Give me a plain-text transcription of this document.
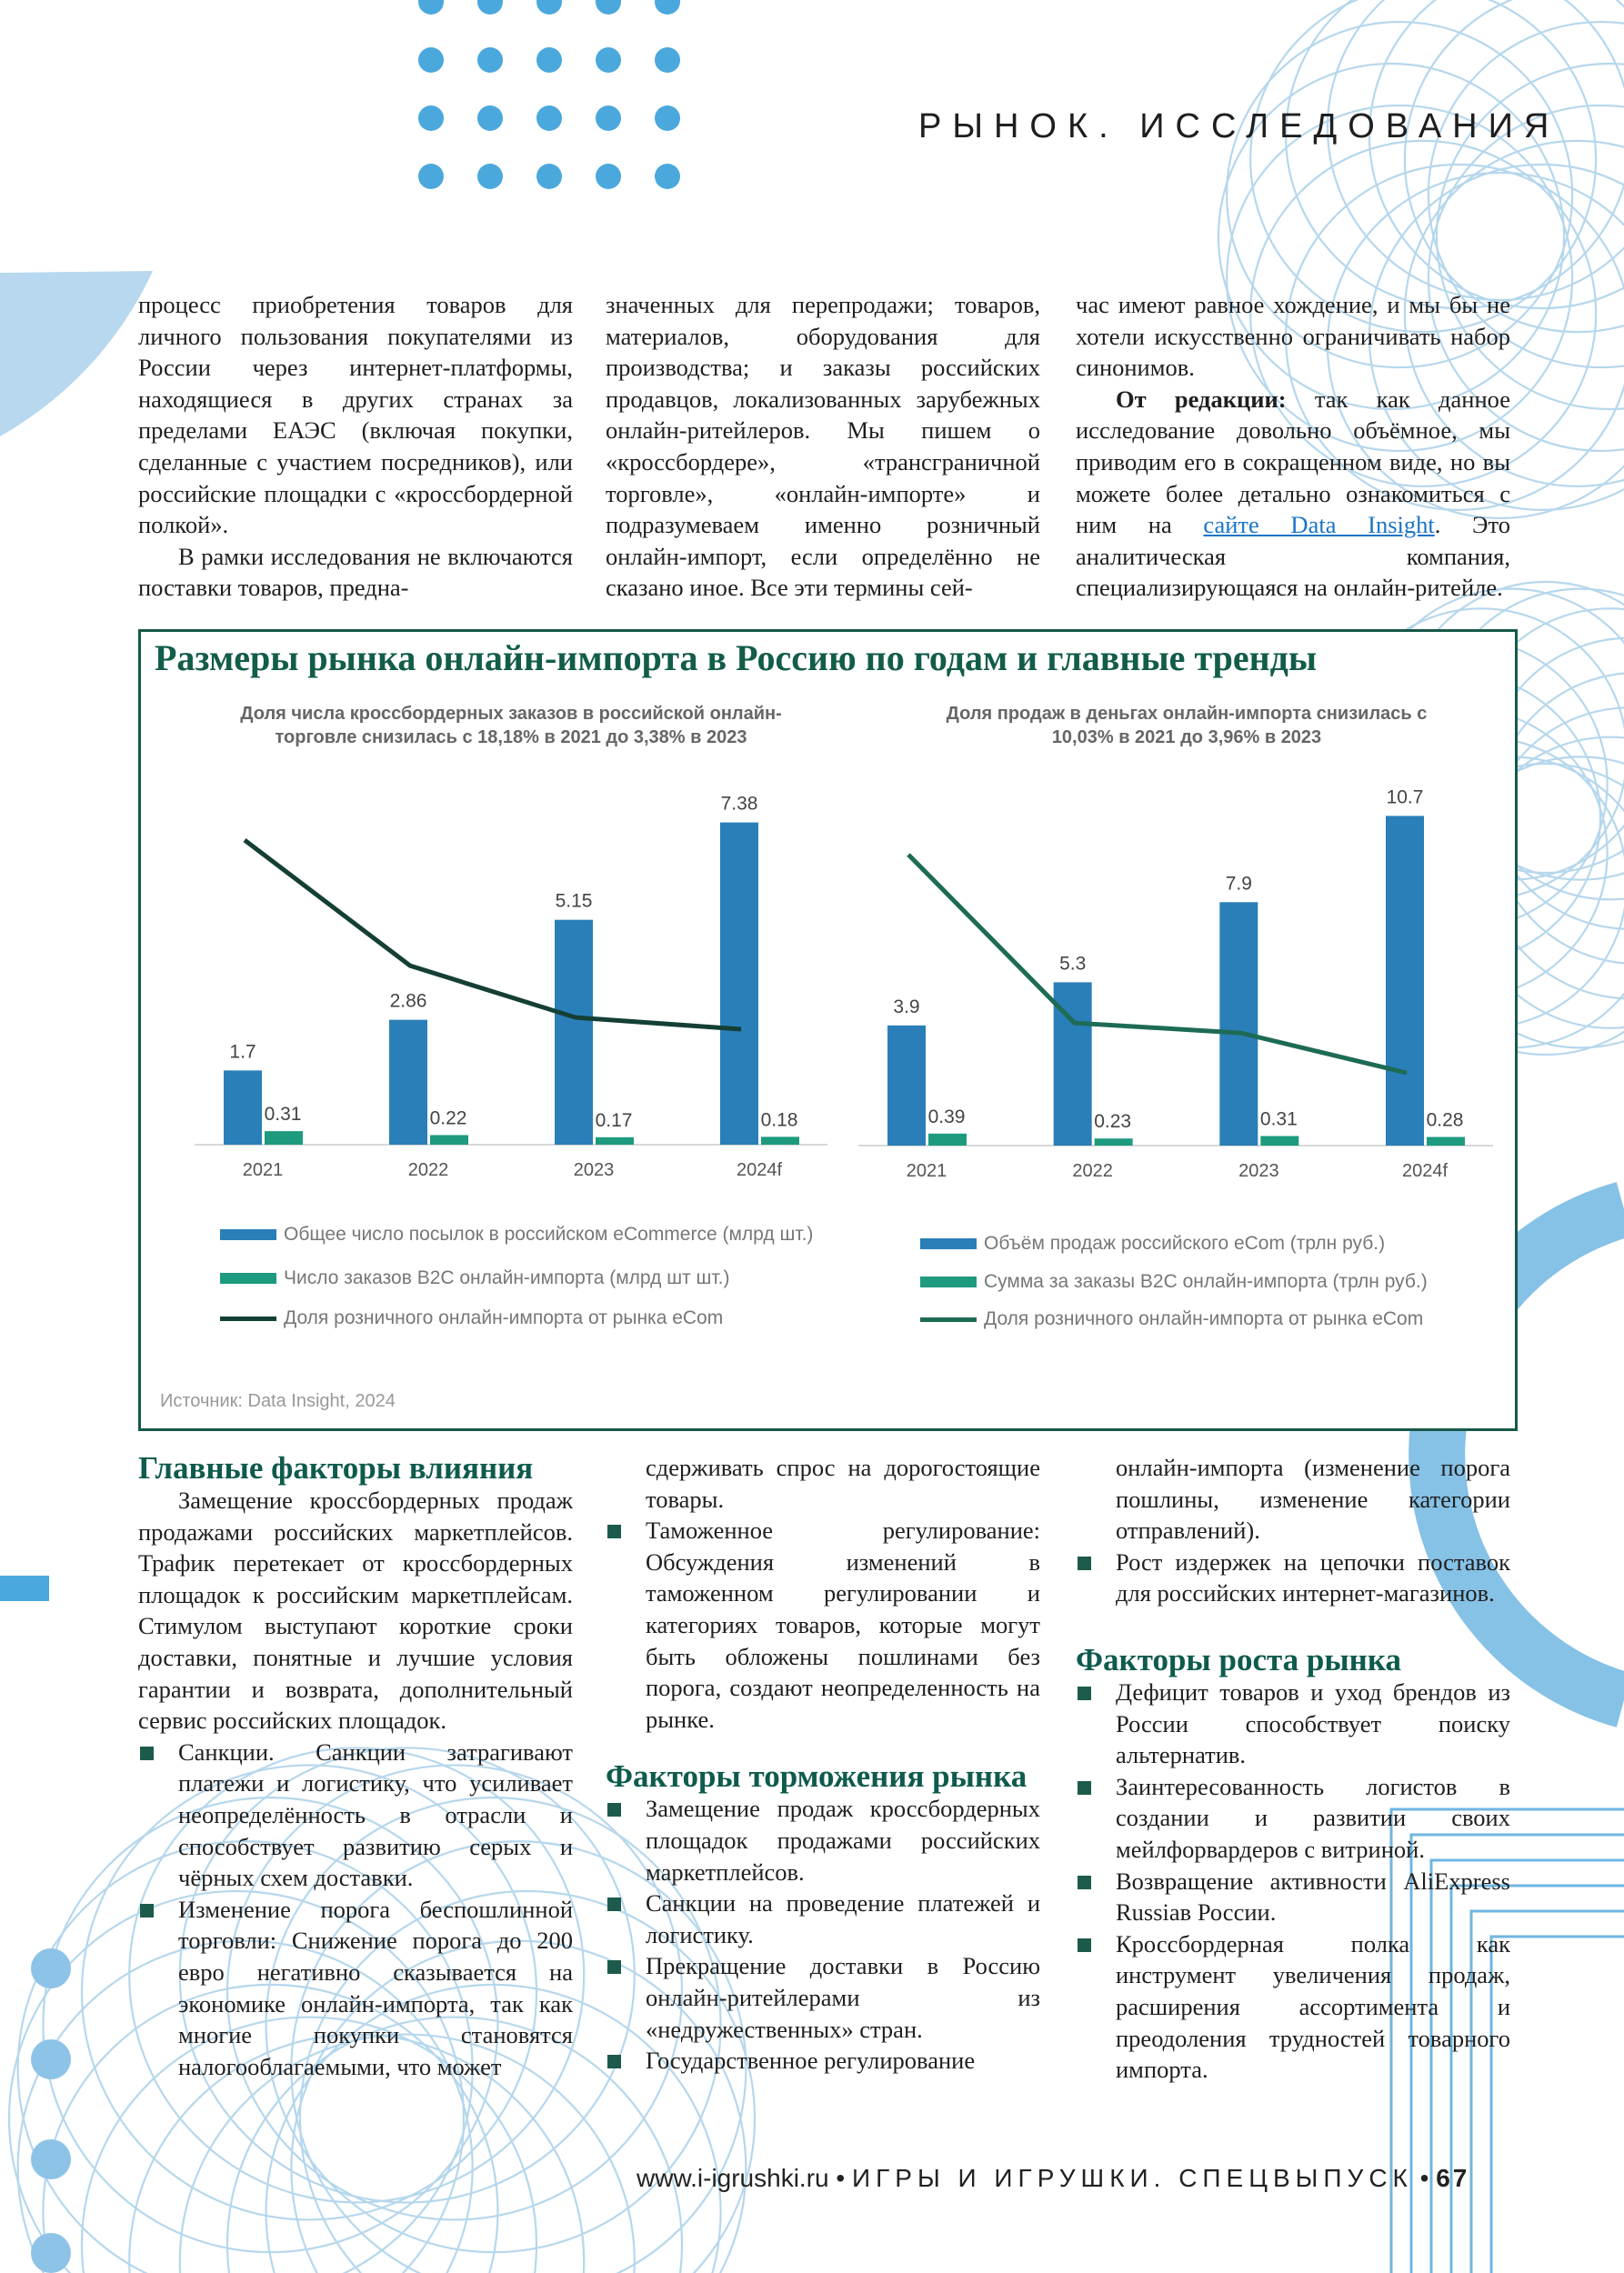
РЫНОК. ИССЛЕДОВАНИЯ

процесс приобретения товаров для личного пользования покупателями из России через интернет-платформы, находящиеся в других странах за пределами ЕАЭС (включая покупки, сделанные с участием посредников), или российские площадки с «кроссбордерной полкой».

В рамки исследования не включаются поставки товаров, предна-

значенных для перепродажи; товаров, материалов, оборудования для производства; и заказы российских продавцов, локализованных зарубежных онлайн-ритейлеров. Мы пишем о «кроссбордере», «трансграничной торговле», «онлайн-импорте» и подразумеваем именно розничный онлайн-импорт, если определённо не сказано иное. Все эти термины сей-

час имеют равное хождение, и мы бы не хотели искусственно ограничивать набор синонимов.

От редакции: так как данное исследование довольно объёмное, мы приводим его в сокращенном виде, но вы можете более детально ознакомиться с ним на сайте Data Insight. Это аналитическая компания, специализирующаяся на онлайн-ритейле.

Размеры рынка онлайн-импорта в Россию по годам и главные тренды
Доля числа кроссбордерных заказов в российской онлайн-торговле снизилась с 18,18% в 2021 до 3,38% в 2023
Доля продаж в деньгах онлайн-импорта снизилась с 10,03% в 2021 до 3,96% в 2023
1.7
0.31
2021
2.86
0.22
2022
5.15
0.17
2023
7.38
0.18
2024f
3.9
0.39
2021
5.3
0.23
2022
7.9
0.31
2023
10.7
0.28
2024f
Общее число посылок в российском eCommerce (млрд шт.)
Число заказов B2C онлайн-импорта (млрд шт шт.)
Доля розничного онлайн-импорта от рынка eCom
Объём продаж российского eCom (трлн руб.)
Сумма за заказы B2C онлайн-импорта (трлн руб.)
Доля розничного онлайн-импорта от рынка eCom
Источник: Data Insight, 2024
Главные факторы влияния

Замещение кроссбордерных продаж продажами российских маркетплейсов. Трафик перетекает от кроссбордерных площадок к российским маркетплейсам. Стимулом выступают короткие сроки доставки, понятные и лучшие условия гарантии и возврата, дополнительный сервис российских площадок.

Санкции. Санкции затрагивают платежи и логистику, что усиливает неопределённость в отрасли и способствует развитию серых и чёрных схем доставки.
Изменение порога беспошлинной торговли: Снижение порога до 200 евро негативно сказывается на экономике онлайн-импорта, так как многие покупки становятся налогооблагаемыми, что может

сдерживать спрос на дорогостоящие товары.

Таможенное регулирование: Обсуждения изменений в таможенном регулировании и категориях товаров, которые могут быть обложены пошлинами без порога, создают неопределенность на рынке.
Факторы торможения рынка
Замещение продаж кроссбордерных площадок продажами российских маркетплейсов.
Санкции на проведение платежей и логистику.
Прекращение доставки в Россию онлайн-ритейлерами из «недружественных» стран.
Государственное регулирование

онлайн-импорта (изменение порога пошлины, изменение категории отправлений).

Рост издержек на цепочки поставок для российских интернет-магазинов.
Факторы роста рынка
Дефицит товаров и уход брендов из России способствует поиску альтернатив.
Заинтересованность логистов в создании и развитии своих мейлфорвардеров с витриной.
Возвращение активности AliExpress Russiав России.
Кроссбордерная полка как инструмент увеличения продаж, расширения ассортимента и преодоления трудностей товарного импорта.
www.i-igrushki.ru • ИГРЫ И ИГРУШКИ. СПЕЦВЫПУСК • 67
